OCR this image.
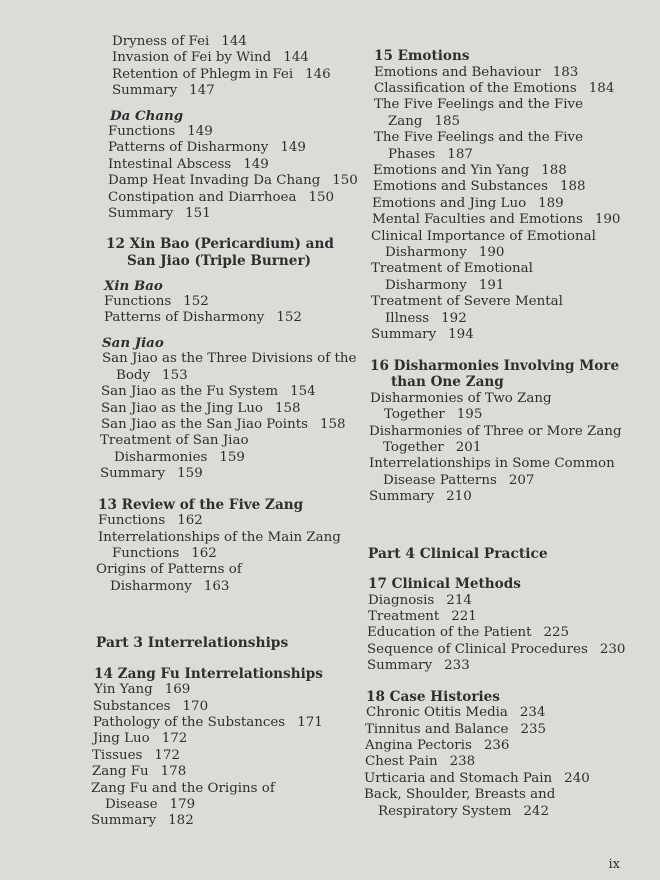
Dryness of Fei 144
Invasion of Fei by Wind 144
Retention of Phlegm in Fei 146
Summary 147
Da Chang
Functions 149
Patterns of Disharmony 149
Intestinal Abscess 149
Damp Heat Invading Da Chang 150
Constipation and Diarrhoea 150
Summary 151
12 Xin Bao (Pericardium) and San Jiao (Triple Burner)
Xin Bao
Functions 152
Patterns of Disharmony 152
San Jiao
San Jiao as the Three Divisions of the Body 153
San Jiao as the Fu System 154
San Jiao as the Jing Luo 158
San Jiao as the San Jiao Points 158
Treatment of San Jiao Disharmonies 159
Summary 159
13 Review of the Five Zang
Functions 162
Interrelationships of the Main Zang Functions 162
Origins of Patterns of Disharmony 163
Part 3 Interrelationships
14 Zang Fu Interrelationships
Yin Yang 169
Substances 170
Pathology of the Substances 171
Jing Luo 172
Tissues 172
Zang Fu 178
Zang Fu and the Origins of Disease 179
Summary 182
15 Emotions
Emotions and Behaviour 183
Classification of the Emotions 184
The Five Feelings and the Five Zang 185
The Five Feelings and the Five Phases 187
Emotions and Yin Yang 188
Emotions and Substances 188
Emotions and Jing Luo 189
Mental Faculties and Emotions 190
Clinical Importance of Emotional Disharmony 190
Treatment of Emotional Disharmony 191
Treatment of Severe Mental Illness 192
Summary 194
16 Disharmonies Involving More than One Zang
Disharmonies of Two Zang Together 195
Disharmonies of Three or More Zang Together 201
Interrelationships in Some Common Disease Patterns 207
Summary 210
Part 4 Clinical Practice
17 Clinical Methods
Diagnosis 214
Treatment 221
Education of the Patient 225
Sequence of Clinical Procedures 230
Summary 233
18 Case Histories
Chronic Otitis Media 234
Tinnitus and Balance 235
Angina Pectoris 236
Chest Pain 238
Urticaria and Stomach Pain 240
Back, Shoulder, Breasts and Respiratory System 242
ix
